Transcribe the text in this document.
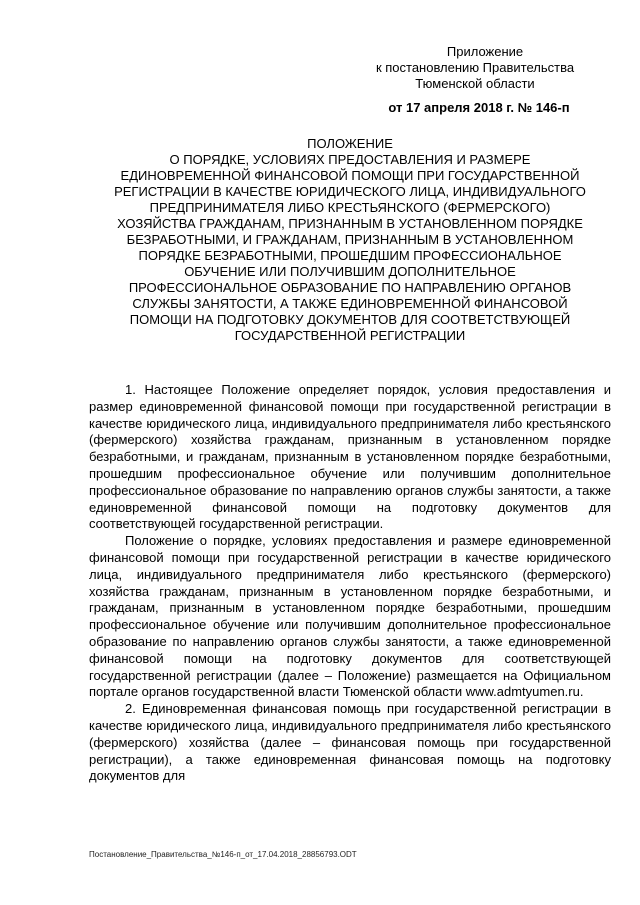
Приложение
к постановлению Правительства
Тюменской области
от 17 апреля 2018 г. № 146-п
ПОЛОЖЕНИЕ
О ПОРЯДКЕ, УСЛОВИЯХ ПРЕДОСТАВЛЕНИЯ И РАЗМЕРЕ
ЕДИНОВРЕМЕННОЙ ФИНАНСОВОЙ ПОМОЩИ ПРИ ГОСУДАРСТВЕННОЙ
РЕГИСТРАЦИИ В КАЧЕСТВЕ ЮРИДИЧЕСКОГО ЛИЦА, ИНДИВИДУАЛЬНОГО
ПРЕДПРИНИМАТЕЛЯ ЛИБО КРЕСТЬЯНСКОГО (ФЕРМЕРСКОГО)
ХОЗЯЙСТВА ГРАЖДАНАМ, ПРИЗНАННЫМ В УСТАНОВЛЕННОМ ПОРЯДКЕ
БЕЗРАБОТНЫМИ, И ГРАЖДАНАМ, ПРИЗНАННЫМ В УСТАНОВЛЕННОМ
ПОРЯДКЕ БЕЗРАБОТНЫМИ, ПРОШЕДШИМ ПРОФЕССИОНАЛЬНОЕ
ОБУЧЕНИЕ ИЛИ ПОЛУЧИВШИМ ДОПОЛНИТЕЛЬНОЕ
ПРОФЕССИОНАЛЬНОЕ ОБРАЗОВАНИЕ ПО НАПРАВЛЕНИЮ ОРГАНОВ
СЛУЖБЫ ЗАНЯТОСТИ, А ТАКЖЕ ЕДИНОВРЕМЕННОЙ ФИНАНСОВОЙ
ПОМОЩИ НА ПОДГОТОВКУ ДОКУМЕНТОВ ДЛЯ СООТВЕТСТВУЮЩЕЙ
ГОСУДАРСТВЕННОЙ РЕГИСТРАЦИИ

1. Настоящее Положение определяет порядок, условия предоставления и размер единовременной финансовой помощи при государственной регистрации в качестве юридического лица, индивидуального предпринимателя либо крестьянского (фермерского) хозяйства гражданам, признанным в установленном порядке безработными, и гражданам, признанным в установленном порядке безработными, прошедшим профессиональное обучение или получившим дополнительное профессиональное образование по направлению органов службы занятости, а также единовременной финансовой помощи на подготовку документов для соответствующей государственной регистрации.

Положение о порядке, условиях предоставления и размере единовременной финансовой помощи при государственной регистрации в качестве юридического лица, индивидуального предпринимателя либо крестьянского (фермерского) хозяйства гражданам, признанным в установленном порядке безработными, и гражданам, признанным в установленном порядке безработными, прошедшим профессиональное обучение или получившим дополнительное профессиональное образование по направлению органов службы занятости, а также единовременной финансовой помощи на подготовку документов для соответствующей государственной регистрации (далее – Положение) размещается на Официальном портале органов государственной власти Тюменской области www.admtyumen.ru.

2. Единовременная финансовая помощь при государственной регистрации в качестве юридического лица, индивидуального предпринимателя либо крестьянского (фермерского) хозяйства (далее – финансовая помощь при государственной регистрации), а также единовременная финансовая помощь на подготовку документов для

Постановление_Правительства_№146-п_от_17.04.2018_28856793.ODT
